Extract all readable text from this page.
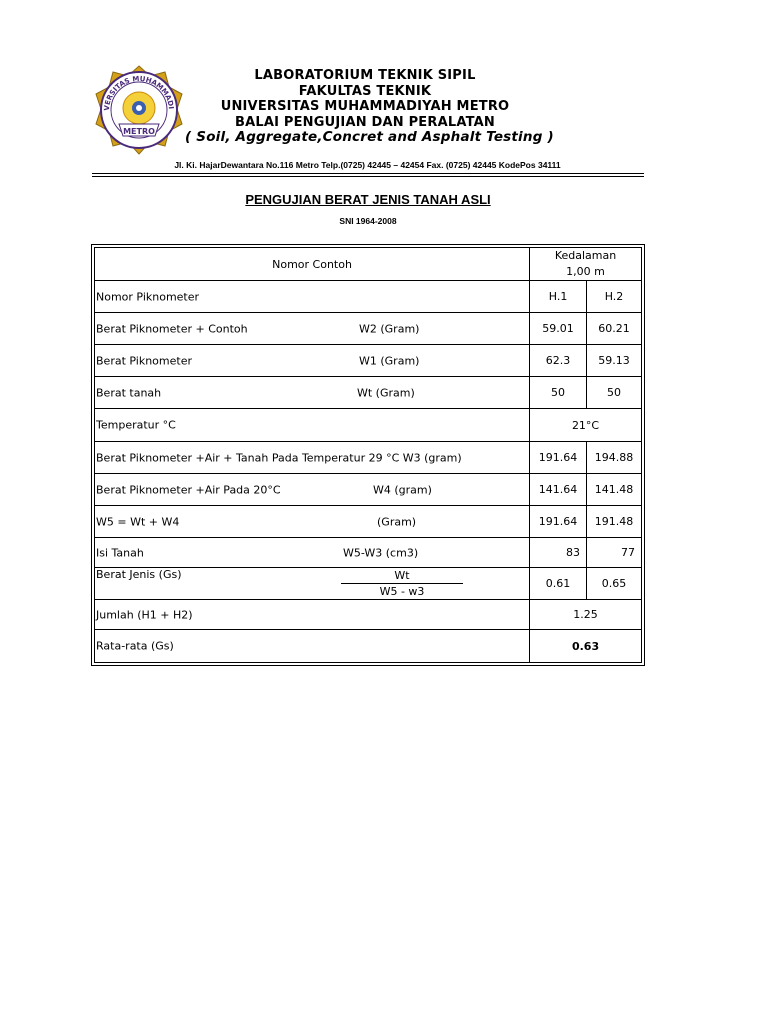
VERSITAS MUHAMMADI
METRO
LABORATORIUM TEKNIK SIPIL
FAKULTAS TEKNIK
UNIVERSITAS MUHAMMADIYAH METRO
BALAI PENGUJIAN DAN PERALATAN
( Soil, Aggregate,Concret and Asphalt Testing )
Jl. Ki. HajarDewantara No.116 Metro Telp.(0725) 42445 – 42454 Fax. (0725) 42445 KodePos 34111
PENGUJIAN BERAT JENIS TANAH ASLI
SNI 1964-2008
Nomor Contoh	Kedalaman
1,00 m	

Nomor Piknometer	H.1	H.2

Berat Piknometer + Contoh W2 (Gram)	59.01	60.21

Berat Piknometer W1 (Gram)	62.3	59.13

Berat tanah Wt (Gram)	50	50

Temperatur °C	21°C	

Berat Piknometer +Air + Tanah Pada Temperatur 29 °C W3 (gram)	191.64	194.88

Berat Piknometer +Air Pada 20°C W4 (gram)	141.64	141.48

W5 = Wt + W4 (Gram)	191.64	191.48

Isi Tanah W5-W3 (cm3)	83	77

Berat Jenis $(Gs) \frac{Wt}{W5 - w3}$	0.61	0.65

Jumlah (H1 + H2)	1.25	

Rata-rata (Gs)	0.63	
